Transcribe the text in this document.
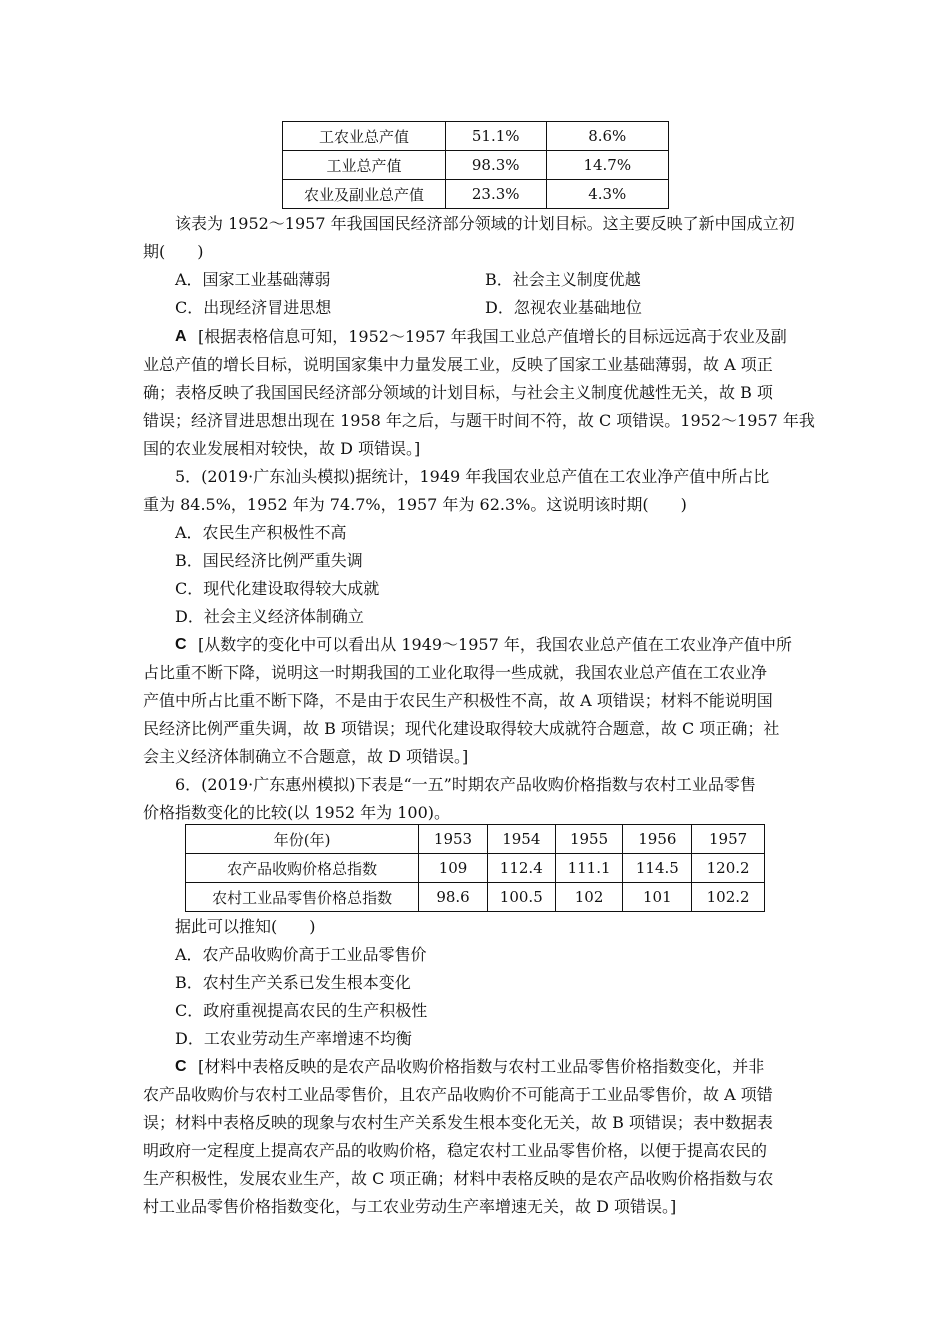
工农业总产值	51.1%	8.6%
工业总产值	98.3%	14.7%
农业及副业总产值	23.3%	4.3%
该表为 1952～1957 年我国国民经济部分领域的计划目标。这主要反映了新中国成立初
期(　　)
A．国家工业基础薄弱	B．社会主义制度优越
C．出现经济冒进思想	D．忽视农业基础地位
A [根据表格信息可知，1952～1957 年我国工业总产值增长的目标远远高于农业及副
业总产值的增长目标，说明国家集中力量发展工业，反映了国家工业基础薄弱，故 A 项正
确；表格反映了我国国民经济部分领域的计划目标，与社会主义制度优越性无关，故 B 项
错误；经济冒进思想出现在 1958 年之后，与题干时间不符，故 C 项错误。1952～1957 年我
国的农业发展相对较快，故 D 项错误。]
5．(2019·广东汕头模拟)据统计，1949 年我国农业总产值在工农业净产值中所占比
重为 84.5%，1952 年为 74.7%，1957 年为 62.3%。这说明该时期(　　)
A．农民生产积极性不高
B．国民经济比例严重失调
C．现代化建设取得较大成就
D．社会主义经济体制确立
C [从数字的变化中可以看出从 1949～1957 年，我国农业总产值在工农业净产值中所
占比重不断下降，说明这一时期我国的工业化取得一些成就，我国农业总产值在工农业净
产值中所占比重不断下降，不是由于农民生产积极性不高，故 A 项错误；材料不能说明国
民经济比例严重失调，故 B 项错误；现代化建设取得较大成就符合题意，故 C 项正确；社
会主义经济体制确立不合题意，故 D 项错误。]
6．(2019·广东惠州模拟)下表是“一五”时期农产品收购价格指数与农村工业品零售
价格指数变化的比较(以 1952 年为 100)。
年份(年)	1953	1954	1955	1956	1957
农产品收购价格总指数	109	112.4	111.1	114.5	120.2
农村工业品零售价格总指数	98.6	100.5	102	101	102.2
据此可以推知(　　)
A．农产品收购价高于工业品零售价
B．农村生产关系已发生根本变化
C．政府重视提高农民的生产积极性
D．工农业劳动生产率增速不均衡
C [材料中表格反映的是农产品收购价格指数与农村工业品零售价格指数变化，并非
农产品收购价与农村工业品零售价，且农产品收购价不可能高于工业品零售价，故 A 项错
误；材料中表格反映的现象与农村生产关系发生根本变化无关，故 B 项错误；表中数据表
明政府一定程度上提高农产品的收购价格，稳定农村工业品零售价格，以便于提高农民的
生产积极性，发展农业生产，故 C 项正确；材料中表格反映的是农产品收购价格指数与农
村工业品零售价格指数变化，与工农业劳动生产率增速无关，故 D 项错误。]
